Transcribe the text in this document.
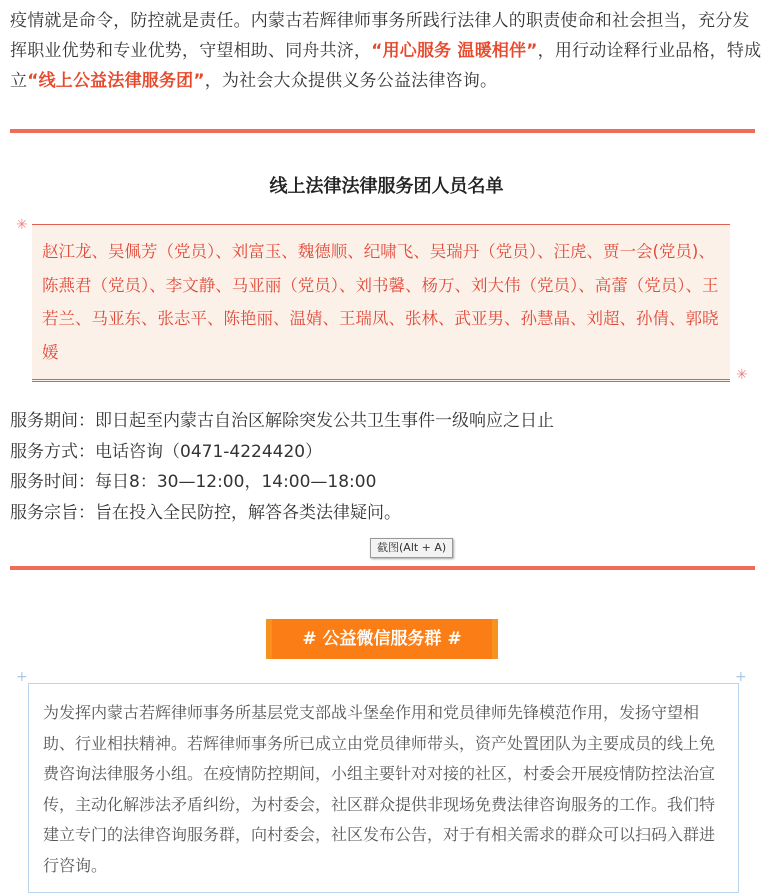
疫情就是命令，防控就是责任。内蒙古若辉律师事务所践行法律人的职责使命和社会担当，充分发挥职业优势和专业优势，守望相助、同舟共济，“用心服务 温暖相伴”，用行动诠释行业品格，特成立“线上公益法律服务团”，为社会大众提供义务公益法律咨询。
线上法律法律服务团人员名单
✳
赵江龙、吴佩芳（党员）、刘富玉、魏德顺、纪啸飞、吴瑞丹（党员）、汪虎、贾一会(党员)、陈燕君（党员）、李文静、马亚丽（党员）、刘书馨、杨万、刘大伟（党员）、高蕾（党员）、王若兰、马亚东、张志平、陈艳丽、温婧、王瑞凤、张林、武亚男、孙慧晶、刘超、孙倩、郭晓媛
✳
服务期间：即日起至内蒙古自治区解除突发公共卫生事件一级响应之日止
服务方式：电话咨询（0471-4224420）
服务时间：每日8：30—12:00，14:00—18:00
服务宗旨：旨在投入全民防控，解答各类法律疑问。
截图(Alt + A)
# 公益微信服务群 #
+	+
为发挥内蒙古若辉律师事务所基层党支部战斗堡垒作用和党员律师先锋模范作用，发扬守望相助、行业相扶精神。若辉律师事务所已成立由党员律师带头，资产处置团队为主要成员的线上免费咨询法律服务小组。在疫情防控期间，小组主要针对对接的社区，村委会开展疫情防控法治宣传，主动化解涉法矛盾纠纷，为村委会，社区群众提供非现场免费法律咨询服务的工作。我们特建立专门的法律咨询服务群，向村委会，社区发布公告，对于有相关需求的群众可以扫码入群进行咨询。
